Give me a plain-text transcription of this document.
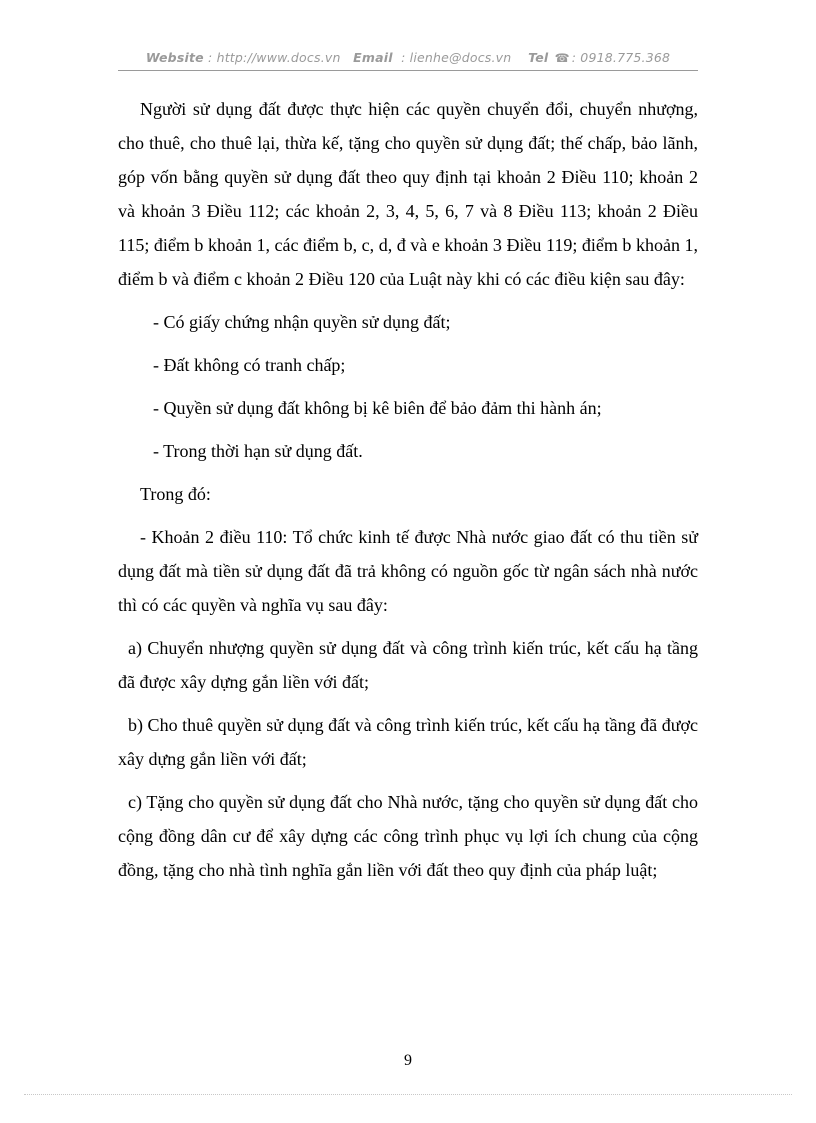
Website : http://www.docs.vn Email : lienhe@docs.vn Tel ☎ : 0918.775.368

Người sử dụng đất được thực hiện các quyền chuyển đổi, chuyển nhượng, cho thuê, cho thuê lại, thừa kế, tặng cho quyền sử dụng đất; thế chấp, bảo lãnh, góp vốn bằng quyền sử dụng đất theo quy định tại khoản 2 Điều 110; khoản 2 và khoản 3 Điều 112; các khoản 2, 3, 4, 5, 6, 7 và 8 Điều 113; khoản 2 Điều 115; điểm b khoản 1, các điểm b, c, d, đ và e khoản 3 Điều 119; điểm b khoản 1, điểm b và điểm c khoản 2 Điều 120 của Luật này khi có các điều kiện sau đây:

- Có giấy chứng nhận quyền sử dụng đất;

- Đất không có tranh chấp;

- Quyền sử dụng đất không bị kê biên để bảo đảm thi hành án;

- Trong thời hạn sử dụng đất.

Trong đó:

- Khoản 2 điều 110: Tổ chức kinh tế được Nhà nước giao đất có thu tiền sử dụng đất mà tiền sử dụng đất đã trả không có nguồn gốc từ ngân sách nhà nước thì có các quyền và nghĩa vụ sau đây:

a) Chuyển nhượng quyền sử dụng đất và công trình kiến trúc, kết cấu hạ tầng đã được xây dựng gắn liền với đất;

b) Cho thuê quyền sử dụng đất và công trình kiến trúc, kết cấu hạ tầng đã được xây dựng gắn liền với đất;

c) Tặng cho quyền sử dụng đất cho Nhà nước, tặng cho quyền sử dụng đất cho cộng đồng dân cư để xây dựng các công trình phục vụ lợi ích chung của cộng đồng, tặng cho nhà tình nghĩa gắn liền với đất theo quy định của pháp luật;

9
